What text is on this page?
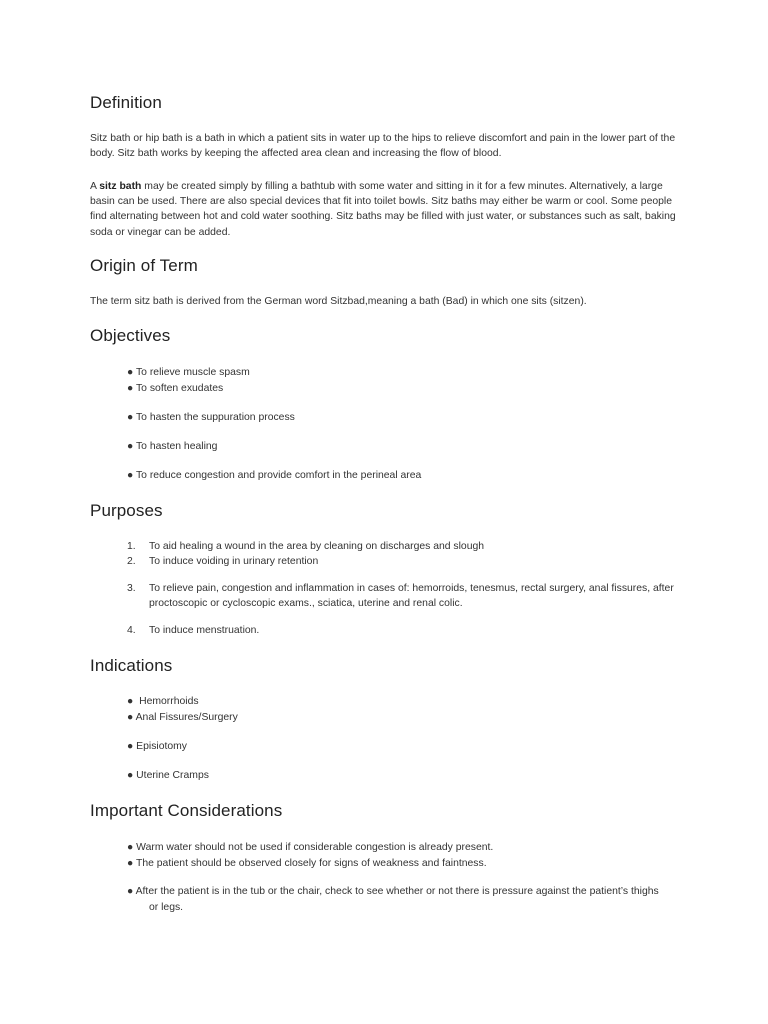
Definition

Sitz bath or hip bath is a bath in which a patient sits in water up to the hips to relieve discomfort and pain in the lower part of the body. Sitz bath works by keeping the affected area clean and increasing the flow of blood.

A sitz bath may be created simply by filling a bathtub with some water and sitting in it for a few minutes. Alternatively, a large basin can be used. There are also special devices that fit into toilet bowls. Sitz baths may either be warm or cool. Some people find alternating between hot and cold water soothing. Sitz baths may be filled with just water, or substances such as salt, baking soda or vinegar can be added.

Origin of Term

The term sitz bath is derived from the German word Sitzbad,meaning a bath (Bad) in which one sits (sitzen).

Objectives

● To relieve muscle spasm

● To soften exudates

● To hasten the suppuration process

● To hasten healing

● To reduce congestion and provide comfort in the perineal area

Purposes
1. To aid healing a wound in the area by cleaning on discharges and slough

2. To induce voiding in urinary retention

3. To relieve pain, congestion and inflammation in cases of: hemorroids, tenesmus, rectal surgery, anal fissures, after proctoscopic or cycloscopic exams., sciatica, uterine and renal colic.

4. To induce menstruation.

Indications

● Hemorrhoids

● Anal Fissures/Surgery

● Episiotomy

● Uterine Cramps

Important Considerations

● Warm water should not be used if considerable congestion is already present.

● The patient should be observed closely for signs of weakness and faintness.

● After the patient is in the tub or the chair, check to see whether or not there is pressure against the patient’s thighs

or legs.
